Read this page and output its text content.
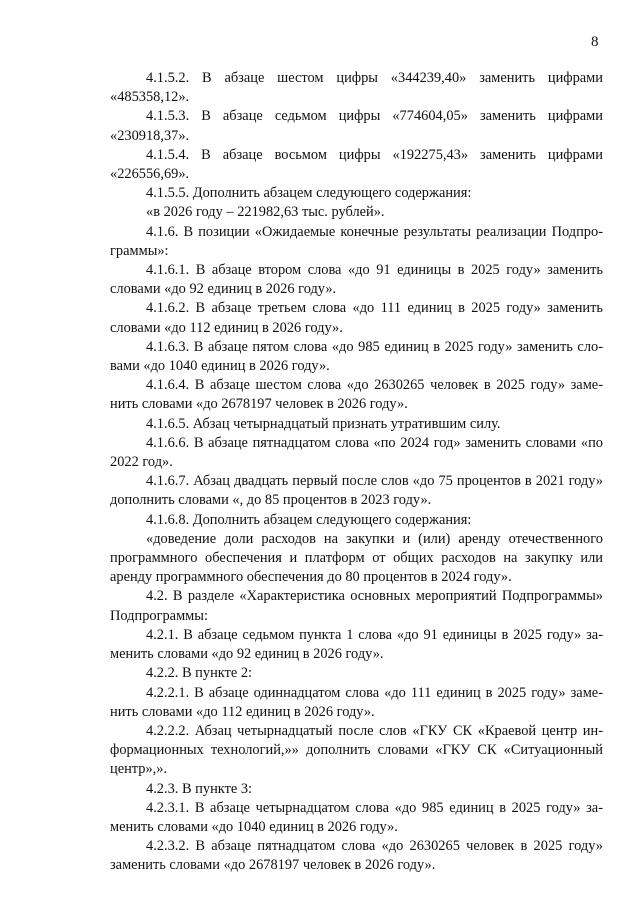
8

4.1.5.2. В абзаце шестом цифры «344239,40» заменить цифрами «485358,12».

4.1.5.3. В абзаце седьмом цифры «774604,05» заменить цифрами «230918,37».

4.1.5.4. В абзаце восьмом цифры «192275,43» заменить цифрами «226556,69».

4.1.5.5. Дополнить абзацем следующего содержания:

«в 2026 году – 221982,63 тыс. рублей».

4.1.6. В позиции «Ожидаемые конечные результаты реализации Подпрограммы»:

4.1.6.1. В абзаце втором слова «до 91 единицы в 2025 году» заменить словами «до 92 единиц в 2026 году».

4.1.6.2. В абзаце третьем слова «до 111 единиц в 2025 году» заменить словами «до 112 единиц в 2026 году».

4.1.6.3. В абзаце пятом слова «до 985 единиц в 2025 году» заменить словами «до 1040 единиц в 2026 году».

4.1.6.4. В абзаце шестом слова «до 2630265 человек в 2025 году» заменить словами «до 2678197 человек в 2026 году».

4.1.6.5. Абзац четырнадцатый признать утратившим силу.

4.1.6.6. В абзаце пятнадцатом слова «по 2024 год» заменить словами «по 2022 год».

4.1.6.7. Абзац двадцать первый после слов «до 75 процентов в 2021 году» дополнить словами «, до 85 процентов в 2023 году».

4.1.6.8. Дополнить абзацем следующего содержания:

«доведение доли расходов на закупки и (или) аренду отечественного программного обеспечения и платформ от общих расходов на закупку или аренду программного обеспечения до 80 процентов в 2024 году».

4.2. В разделе «Характеристика основных мероприятий Подпрограммы» Подпрограммы:

4.2.1. В абзаце седьмом пункта 1 слова «до 91 единицы в 2025 году» заменить словами «до 92 единиц в 2026 году».

4.2.2. В пункте 2:

4.2.2.1. В абзаце одиннадцатом слова «до 111 единиц в 2025 году» заменить словами «до 112 единиц в 2026 году».

4.2.2.2. Абзац четырнадцатый после слов «ГКУ СК «Краевой центр информационных технологий,»» дополнить словами «ГКУ СК «Ситуационный центр»,».

4.2.3. В пункте 3:

4.2.3.1. В абзаце четырнадцатом слова «до 985 единиц в 2025 году» заменить словами «до 1040 единиц в 2026 году».

4.2.3.2. В абзаце пятнадцатом слова «до 2630265 человек в 2025 году» заменить словами «до 2678197 человек в 2026 году».
